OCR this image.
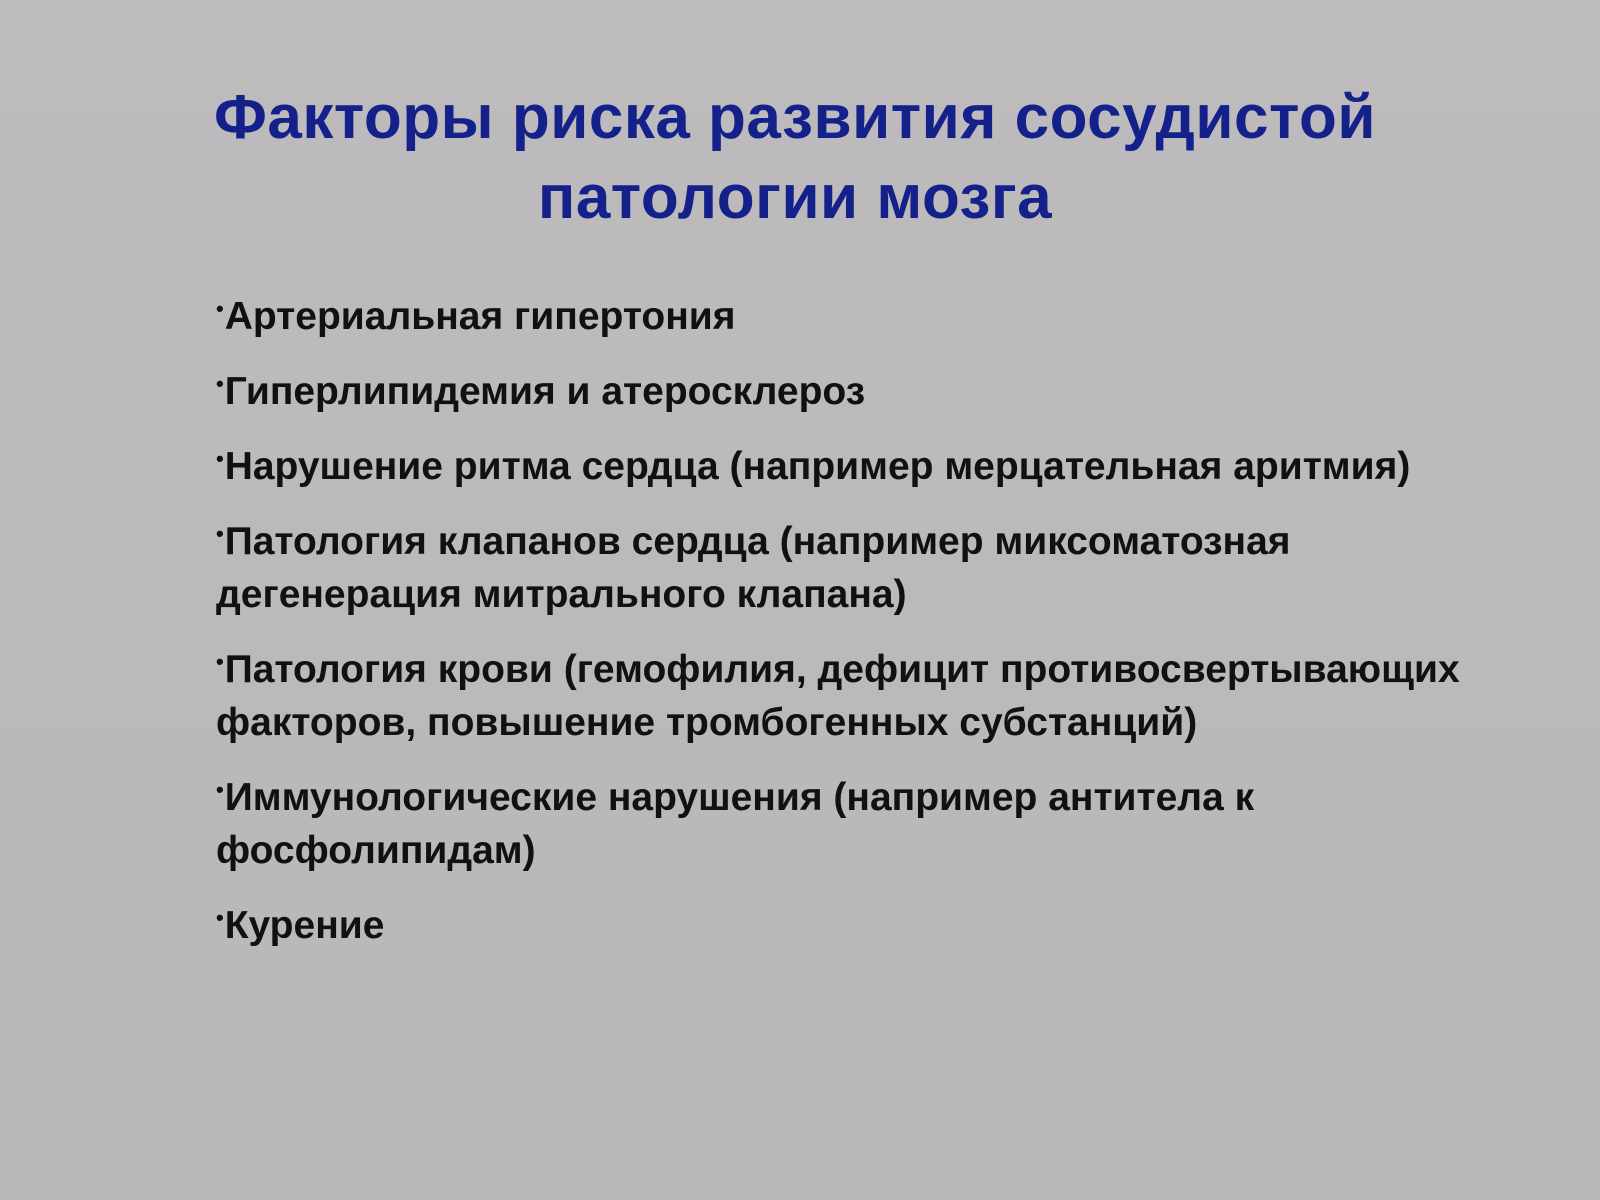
Факторы риска развития сосудистой патологии мозга
•Артериальная гипертония
•Гиперлипидемия и атеросклероз
•Нарушение ритма сердца (например мерцательная аритмия)
•Патология клапанов сердца (например миксоматозная дегенерация митрального клапана)
•Патология крови (гемофилия, дефицит противосвертывающих факторов, повышение тромбогенных субстанций)
•Иммунологические нарушения (например антитела к фосфолипидам)
•Курение
